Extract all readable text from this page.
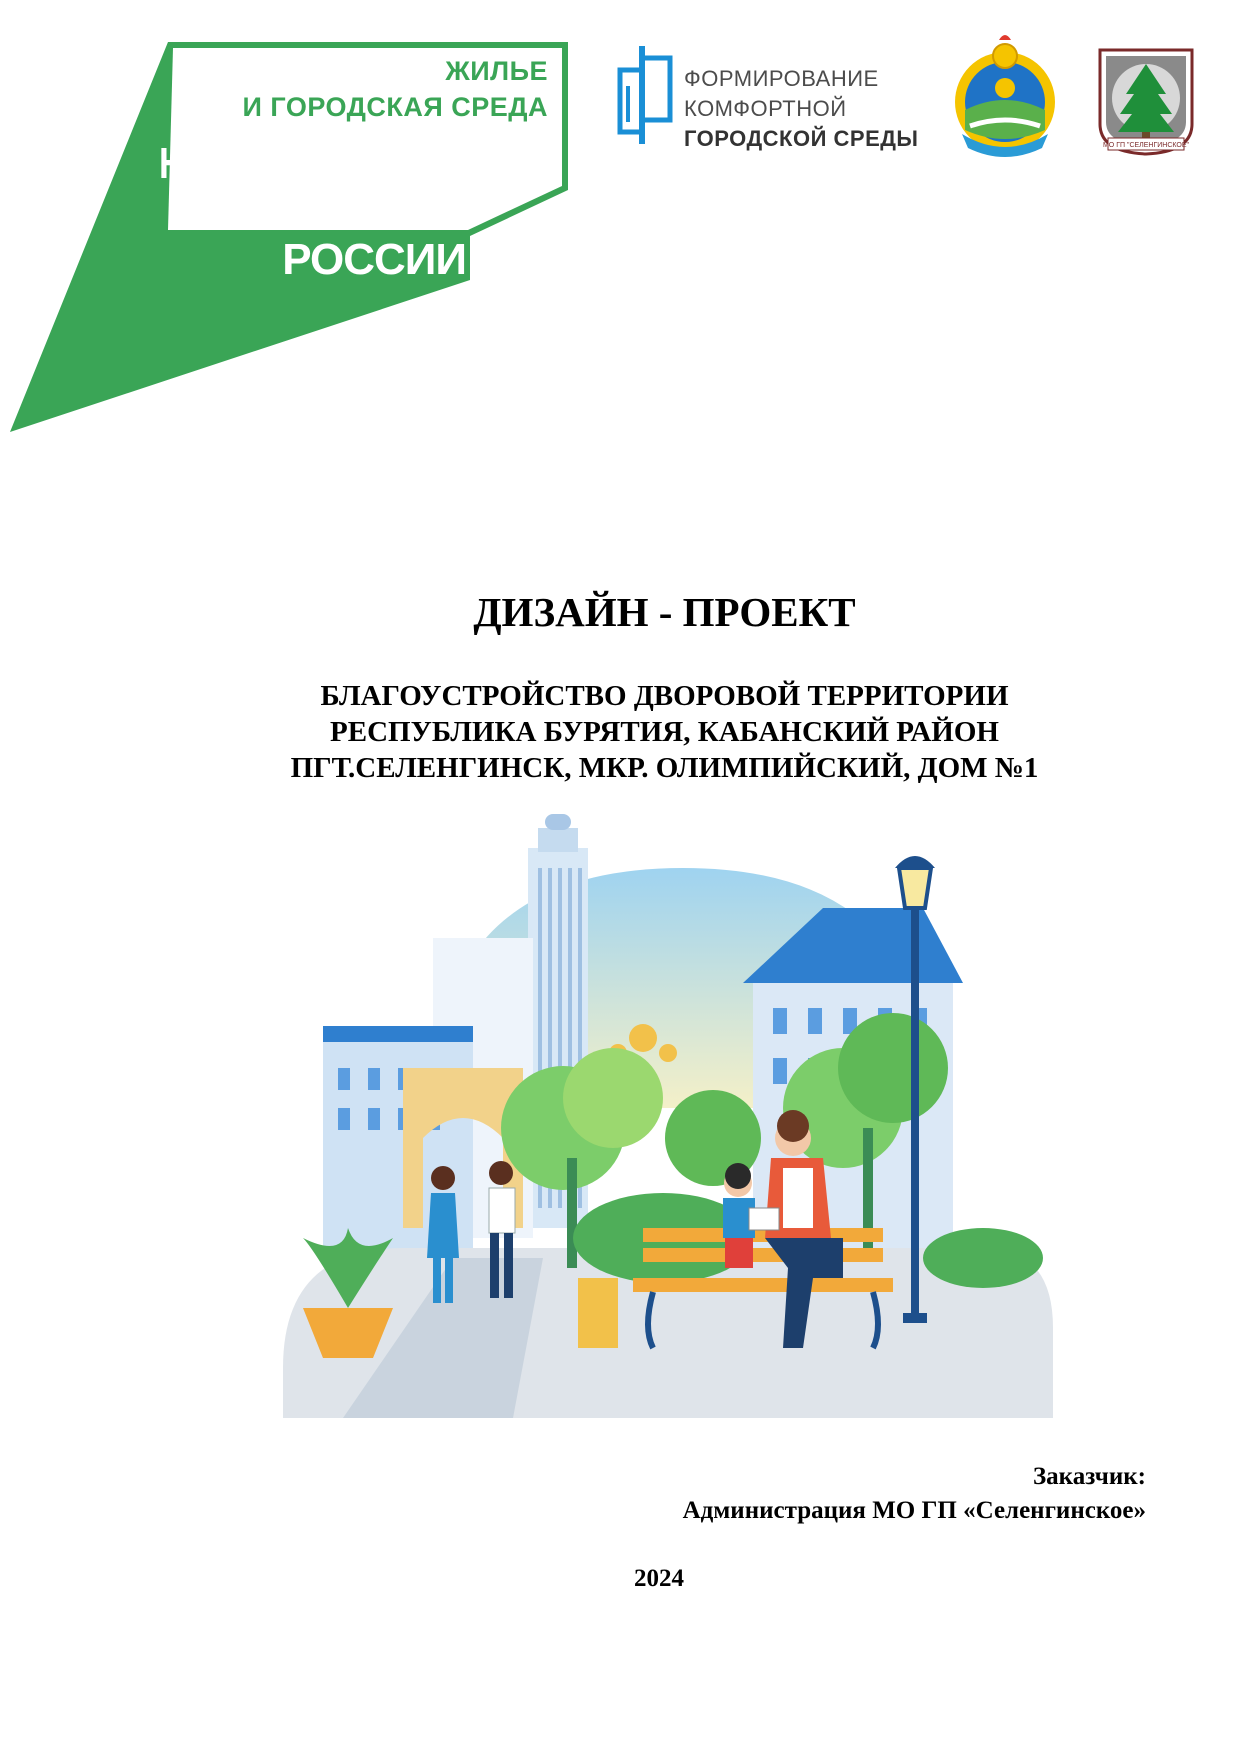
ЖИЛЬЕ
И ГОРОДСКАЯ СРЕДА
НАЦИОНАЛЬНЫЕ
ПРОЕКТЫ
РОССИИ
ФОРМИРОВАНИЕ
КОМФОРТНОЙ
ГОРОДСКОЙ СРЕДЫ	МО ГП "СЕЛЕНГИНСКОЕ"
ДИЗАЙН - ПРОЕКТ
БЛАГОУСТРОЙСТВО ДВОРОВОЙ ТЕРРИТОРИИ
РЕСПУБЛИКА БУРЯТИЯ, КАБАНСКИЙ РАЙОН
ПГТ.СЕЛЕНГИНСК, МКР. ОЛИМПИЙСКИЙ, ДОМ №1
Заказчик:
Администрация МО ГП «Селенгинское»
2024
